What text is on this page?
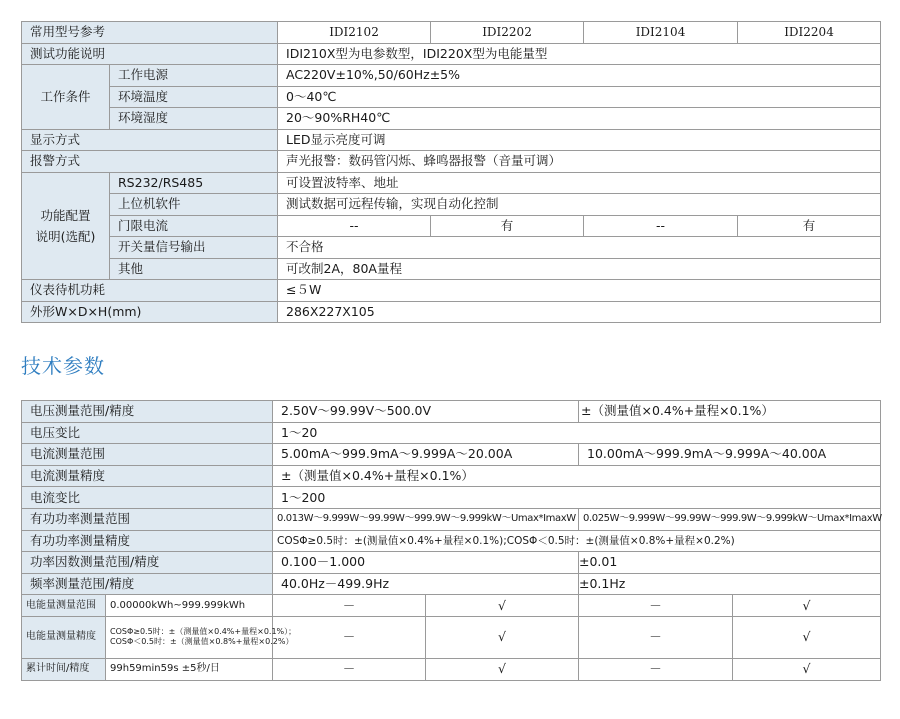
常用型号参考		IDI2102	IDI2202	IDI2104	IDI2204
测试功能说明		IDI210X型为电参数型，IDI220X型为电能量型			
工作条件	工作电源	AC220V±10%,50/60Hz±5%			
	环境温度	0～40℃			
	环境湿度	20～90%RH40℃			
显示方式		LED显示亮度可调			
报警方式		声光报警：数码管闪烁、蜂鸣器报警（音量可调）			

功能配置
说明(选配)	RS232/RS485	可设置波特率、地址			
	上位机软件	测试数据可远程传输，实现自动化控制			
	门限电流	--	有	--	有
	开关量信号输出	不合格			
	其他	可改制2A，80A量程			
仪表待机功耗		≤５W			
外形W×D×H(mm)		286X227X105			
技术参数
电压测量范围/精度		2.50V～99.99V～500.0V		±（测量值×0.4%+量程×0.1%）	
电压变比		1～20			
电流测量范围		5.00mA～999.9mA～9.999A～20.00A		10.00mA～999.9mA～9.999A～40.00A	
电流测量精度		±（测量值×0.4%+量程×0.1%）			
电流变比		1～200			
有功功率测量范围		0.013W～9.999W～99.99W～999.9W～9.999kW～Umax*ImaxW		0.025W～9.999W～99.99W～999.9W～9.999kW～Umax*ImaxW	
有功功率测量精度		COSΦ≥0.5时：±(测量值×0.4%+量程×0.1%);COSΦ＜0.5时：±(测量值×0.8%+量程×0.2%)			
功率因数测量范围/精度		0.100－1.000		±0.01	
频率测量范围/精度		40.0Hz－499.9Hz		±0.1Hz	
电能量测量范围	0.00000kWh~999.999kWh	－	√	－	√
电能量测量精度	COSΦ≥0.5时：±（测量值×0.4%+量程×0.1%）；
COSΦ＜0.5时：±（测量值×0.8%+量程×0.2%）	－	√	－	√
累计时间/精度	99h59min59s ±5秒/日	－	√	－	√
